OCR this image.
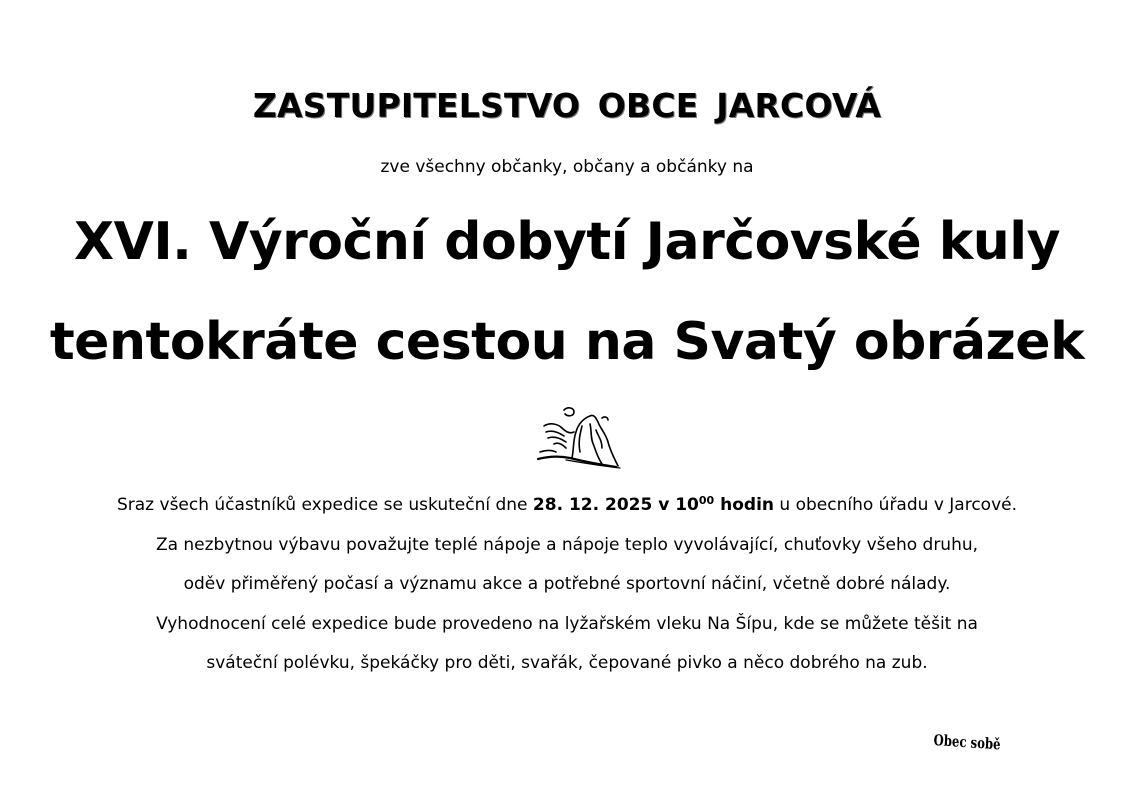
ZASTUPITELSTVO OBCE JARCOVÁ
zve všechny občanky, občany a občánky na
XVI. Výroční dobytí Jarčovské kuly
tentokráte cestou na Svatý obrázek
Sraz všech účastníků expedice se uskuteční dne 28. 12. 2025 v $10^{00}$ hodin u obecního úřadu v Jarcové.
Za nezbytnou výbavu považujte teplé nápoje a nápoje teplo vyvolávající, chuťovky všeho druhu,
oděv přiměřený počasí a významu akce a potřebné sportovní náčiní, včetně dobré nálady.
Vyhodnocení celé expedice bude provedeno na lyžařském vleku Na Šípu, kde se můžete těšit na
sváteční polévku, špekáčky pro děti, svařák, čepované pivko a něco dobrého na zub.
Obec sobě
